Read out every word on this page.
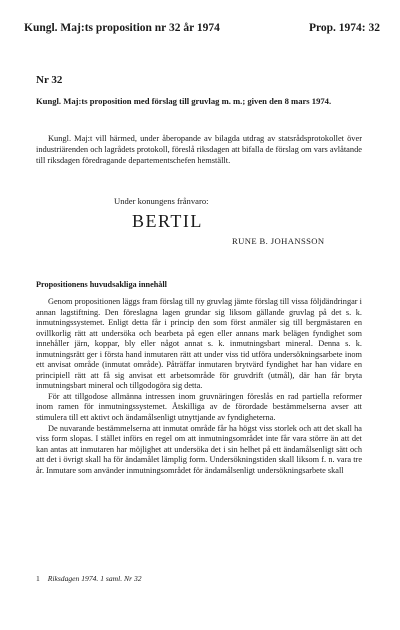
Kungl. Maj:ts proposition nr 32 år 1974	Prop. 1974: 32
Nr 32
Kungl. Maj:ts proposition med förslag till gruvlag m. m.; given den 8 mars 1974.

Kungl. Maj:t vill härmed, under åberopande av bilagda utdrag av statsrådsprotokollet över industriärenden och lagrådets protokoll, föreslå riksdagen att bifalla de förslag om vars avlåtande till riksdagen föredragande departementschefen hemställt.

Under konungens frånvaro:
BERTIL
RUNE B. JOHANSSON
Propositionens huvudsakliga innehåll

Genom propositionen läggs fram förslag till ny gruvlag jämte förslag till vissa följdändringar i annan lagstiftning. Den föreslagna lagen grundar sig liksom gällande gruvlag på det s. k. inmutningssystemet. Enligt detta får i princip den som först anmäler sig till bergmästaren en ovillkorlig rätt att undersöka och bearbeta på egen eller annans mark belägen fyndighet som innehåller järn, koppar, bly eller något annat s. k. inmutningsbart mineral. Denna s. k. inmutningsrätt ger i första hand inmutaren rätt att under viss tid utföra undersökningsarbete inom ett anvisat område (inmutat område). Påträffar inmutaren brytvärd fyndighet har han vidare en principiell rätt att få sig anvisat ett arbetsområde för gruvdrift (utmål), där han får bryta inmutningsbart mineral och tillgodogöra sig detta.

För att tillgodose allmänna intressen inom gruvnäringen föreslås en rad partiella reformer inom ramen för inmutningssystemet. Åtskilliga av de förordade bestämmelserna avser att stimulera till ett aktivt och ändamålsenligt utnyttjande av fyndigheterna.

De nuvarande bestämmelserna att inmutat område får ha högst viss storlek och att det skall ha viss form slopas. I stället införs en regel om att inmutningsområdet inte får vara större än att det kan antas att inmutaren har möjlighet att undersöka det i sin helhet på ett ändamålsenligt sätt och att det i övrigt skall ha för ändamålet lämplig form. Undersökningstiden skall liksom f. n. vara tre år. Inmutare som använder inmutningsområdet för ändamålsenligt undersökningsarbete skall

1 Riksdagen 1974. 1 saml. Nr 32
